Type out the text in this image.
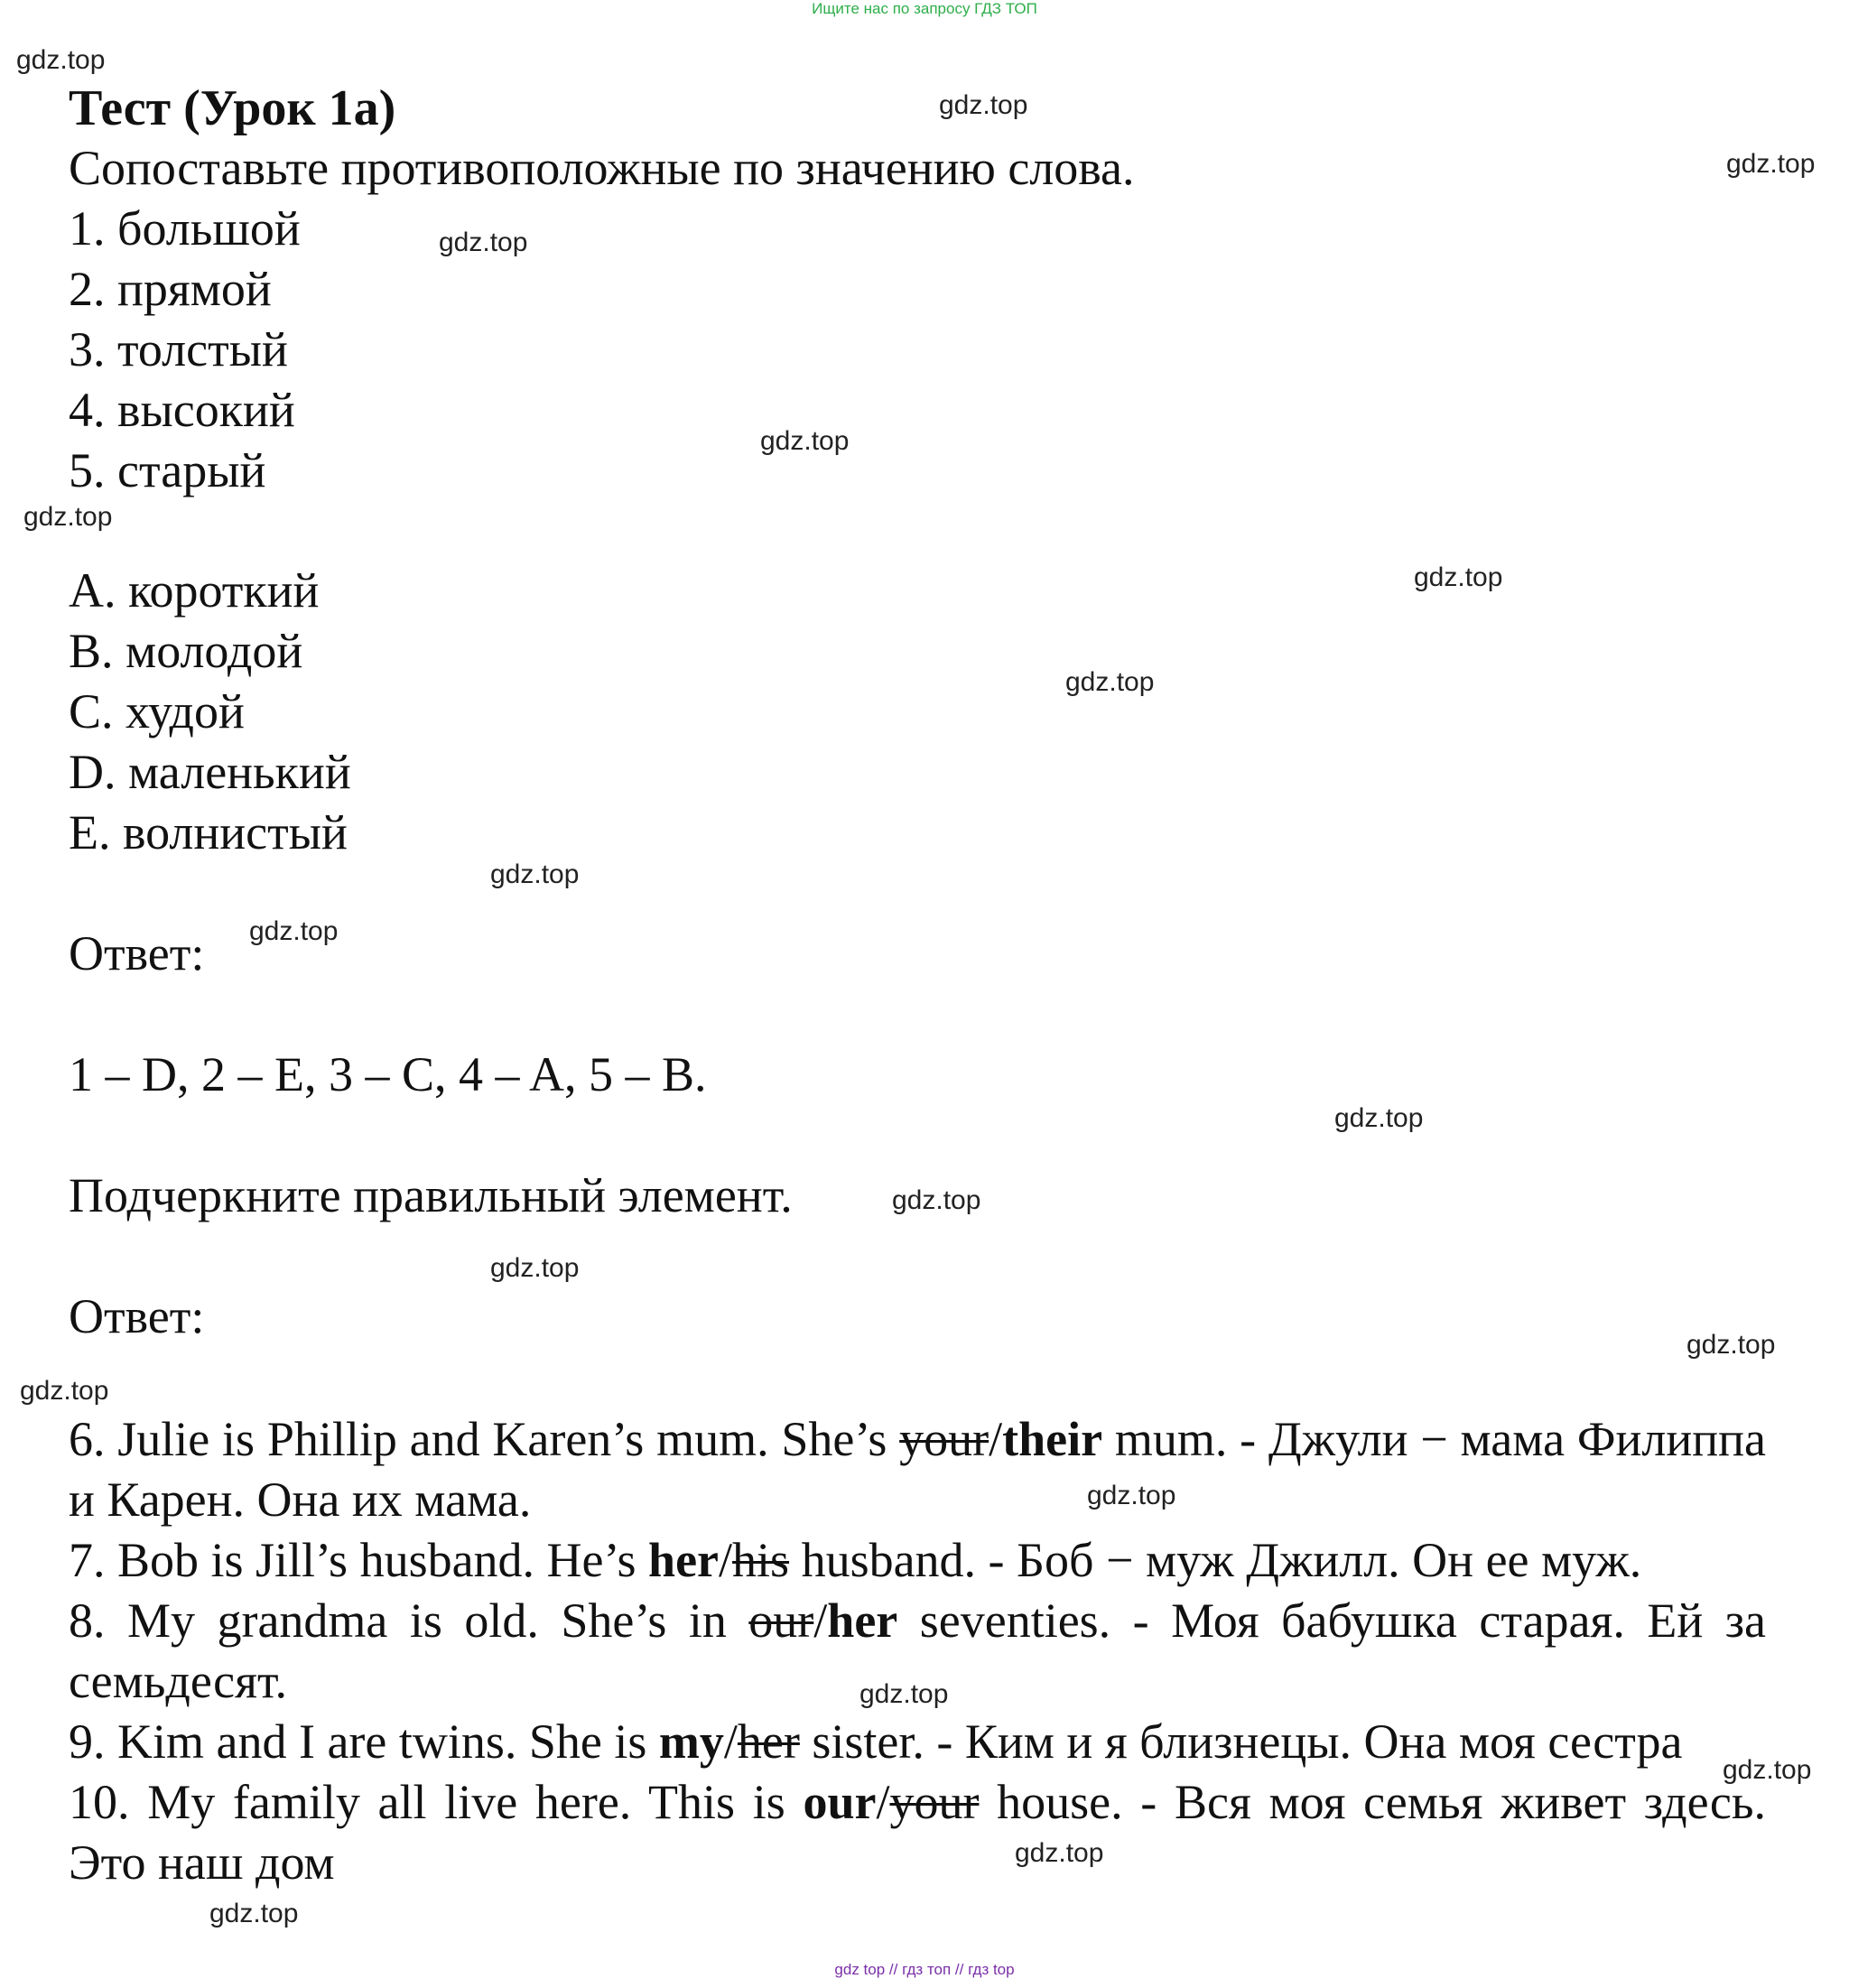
Ищите нас по запросу ГДЗ ТОП
gdz.top
gdz.top
gdz.top
gdz.top
gdz.top
gdz.top
gdz.top
gdz.top
gdz.top
gdz.top
gdz.top
gdz.top
gdz.top
gdz.top
gdz.top
gdz.top
gdz.top
gdz.top
gdz.top
gdz.top
Тест (Урок 1a)
Сопоставьте противоположные по значению слова.
1. большой
2. прямой
3. толстый
4. высокий
5. старый
A. короткий
B. молодой
C. худой
D. маленький
E. волнистый
Ответ:
1 – D, 2 – E, 3 – C, 4 – A, 5 – B.
Подчеркните правильный элемент.
Ответ:
6. Julie is Phillip and Karen’s mum. She’s your/their mum. - Джули − мама Филиппа и Карен. Она их мама.
7. Bob is Jill’s husband. He’s her/his husband. - Боб − муж Джилл. Он ее муж.
8. My grandma is old. She’s in our/her seventies. - Моя бабушка старая. Ей за семьдесят.
9. Kim and I are twins. She is my/her sister. - Ким и я близнецы. Она моя сестра
10. My family all live here. This is our/your house. - Вся моя семья живет здесь. Это наш дом
gdz top // гдз топ // гдз top
